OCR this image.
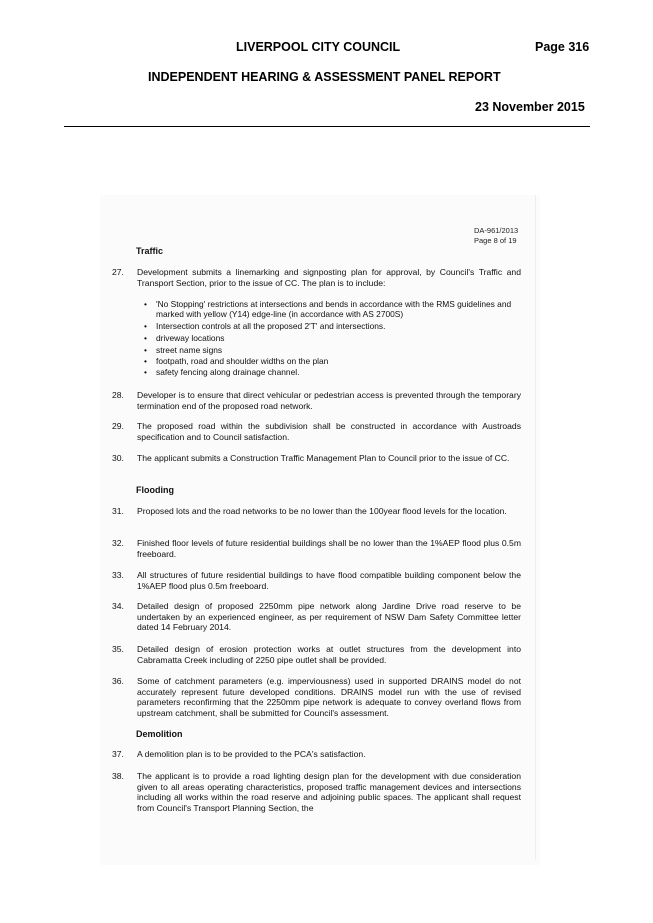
LIVERPOOL CITY COUNCIL	Page 316
INDEPENDENT HEARING & ASSESSMENT PANEL REPORT
23 November 2015
DA-961/2013
Page 8 of 19
Traffic
27. Development submits a linemarking and signposting plan for approval, by Council's Traffic and Transport Section, prior to the issue of CC. The plan is to include:
• 'No Stopping' restrictions at intersections and bends in accordance with the RMS guidelines and marked with yellow (Y14) edge-line (in accordance with AS 2700S)
• Intersection controls at all the proposed 2'T' and intersections.
• driveway locations
• street name signs
• footpath, road and shoulder widths on the plan
• safety fencing along drainage channel.
28. Developer is to ensure that direct vehicular or pedestrian access is prevented through the temporary termination end of the proposed road network.
29. The proposed road within the subdivision shall be constructed in accordance with Austroads specification and to Council satisfaction.
30. The applicant submits a Construction Traffic Management Plan to Council prior to the issue of CC.
Flooding
31. Proposed lots and the road networks to be no lower than the 100year flood levels for the location.
32. Finished floor levels of future residential buildings shall be no lower than the 1%AEP flood plus 0.5m freeboard.
33. All structures of future residential buildings to have flood compatible building component below the 1%AEP flood plus 0.5m freeboard.
34. Detailed design of proposed 2250mm pipe network along Jardine Drive road reserve to be undertaken by an experienced engineer, as per requirement of NSW Dam Safety Committee letter dated 14 February 2014.
35. Detailed design of erosion protection works at outlet structures from the development into Cabramatta Creek including of 2250 pipe outlet shall be provided.
36. Some of catchment parameters (e.g. imperviousness) used in supported DRAINS model do not accurately represent future developed conditions. DRAINS model run with the use of revised parameters reconfirming that the 2250mm pipe network is adequate to convey overland flows from upstream catchment, shall be submitted for Council's assessment.
Demolition
37. A demolition plan is to be provided to the PCA's satisfaction.
38. The applicant is to provide a road lighting design plan for the development with due consideration given to all areas operating characteristics, proposed traffic management devices and intersections including all works within the road reserve and adjoining public spaces. The applicant shall request from Council's Transport Planning Section, the
